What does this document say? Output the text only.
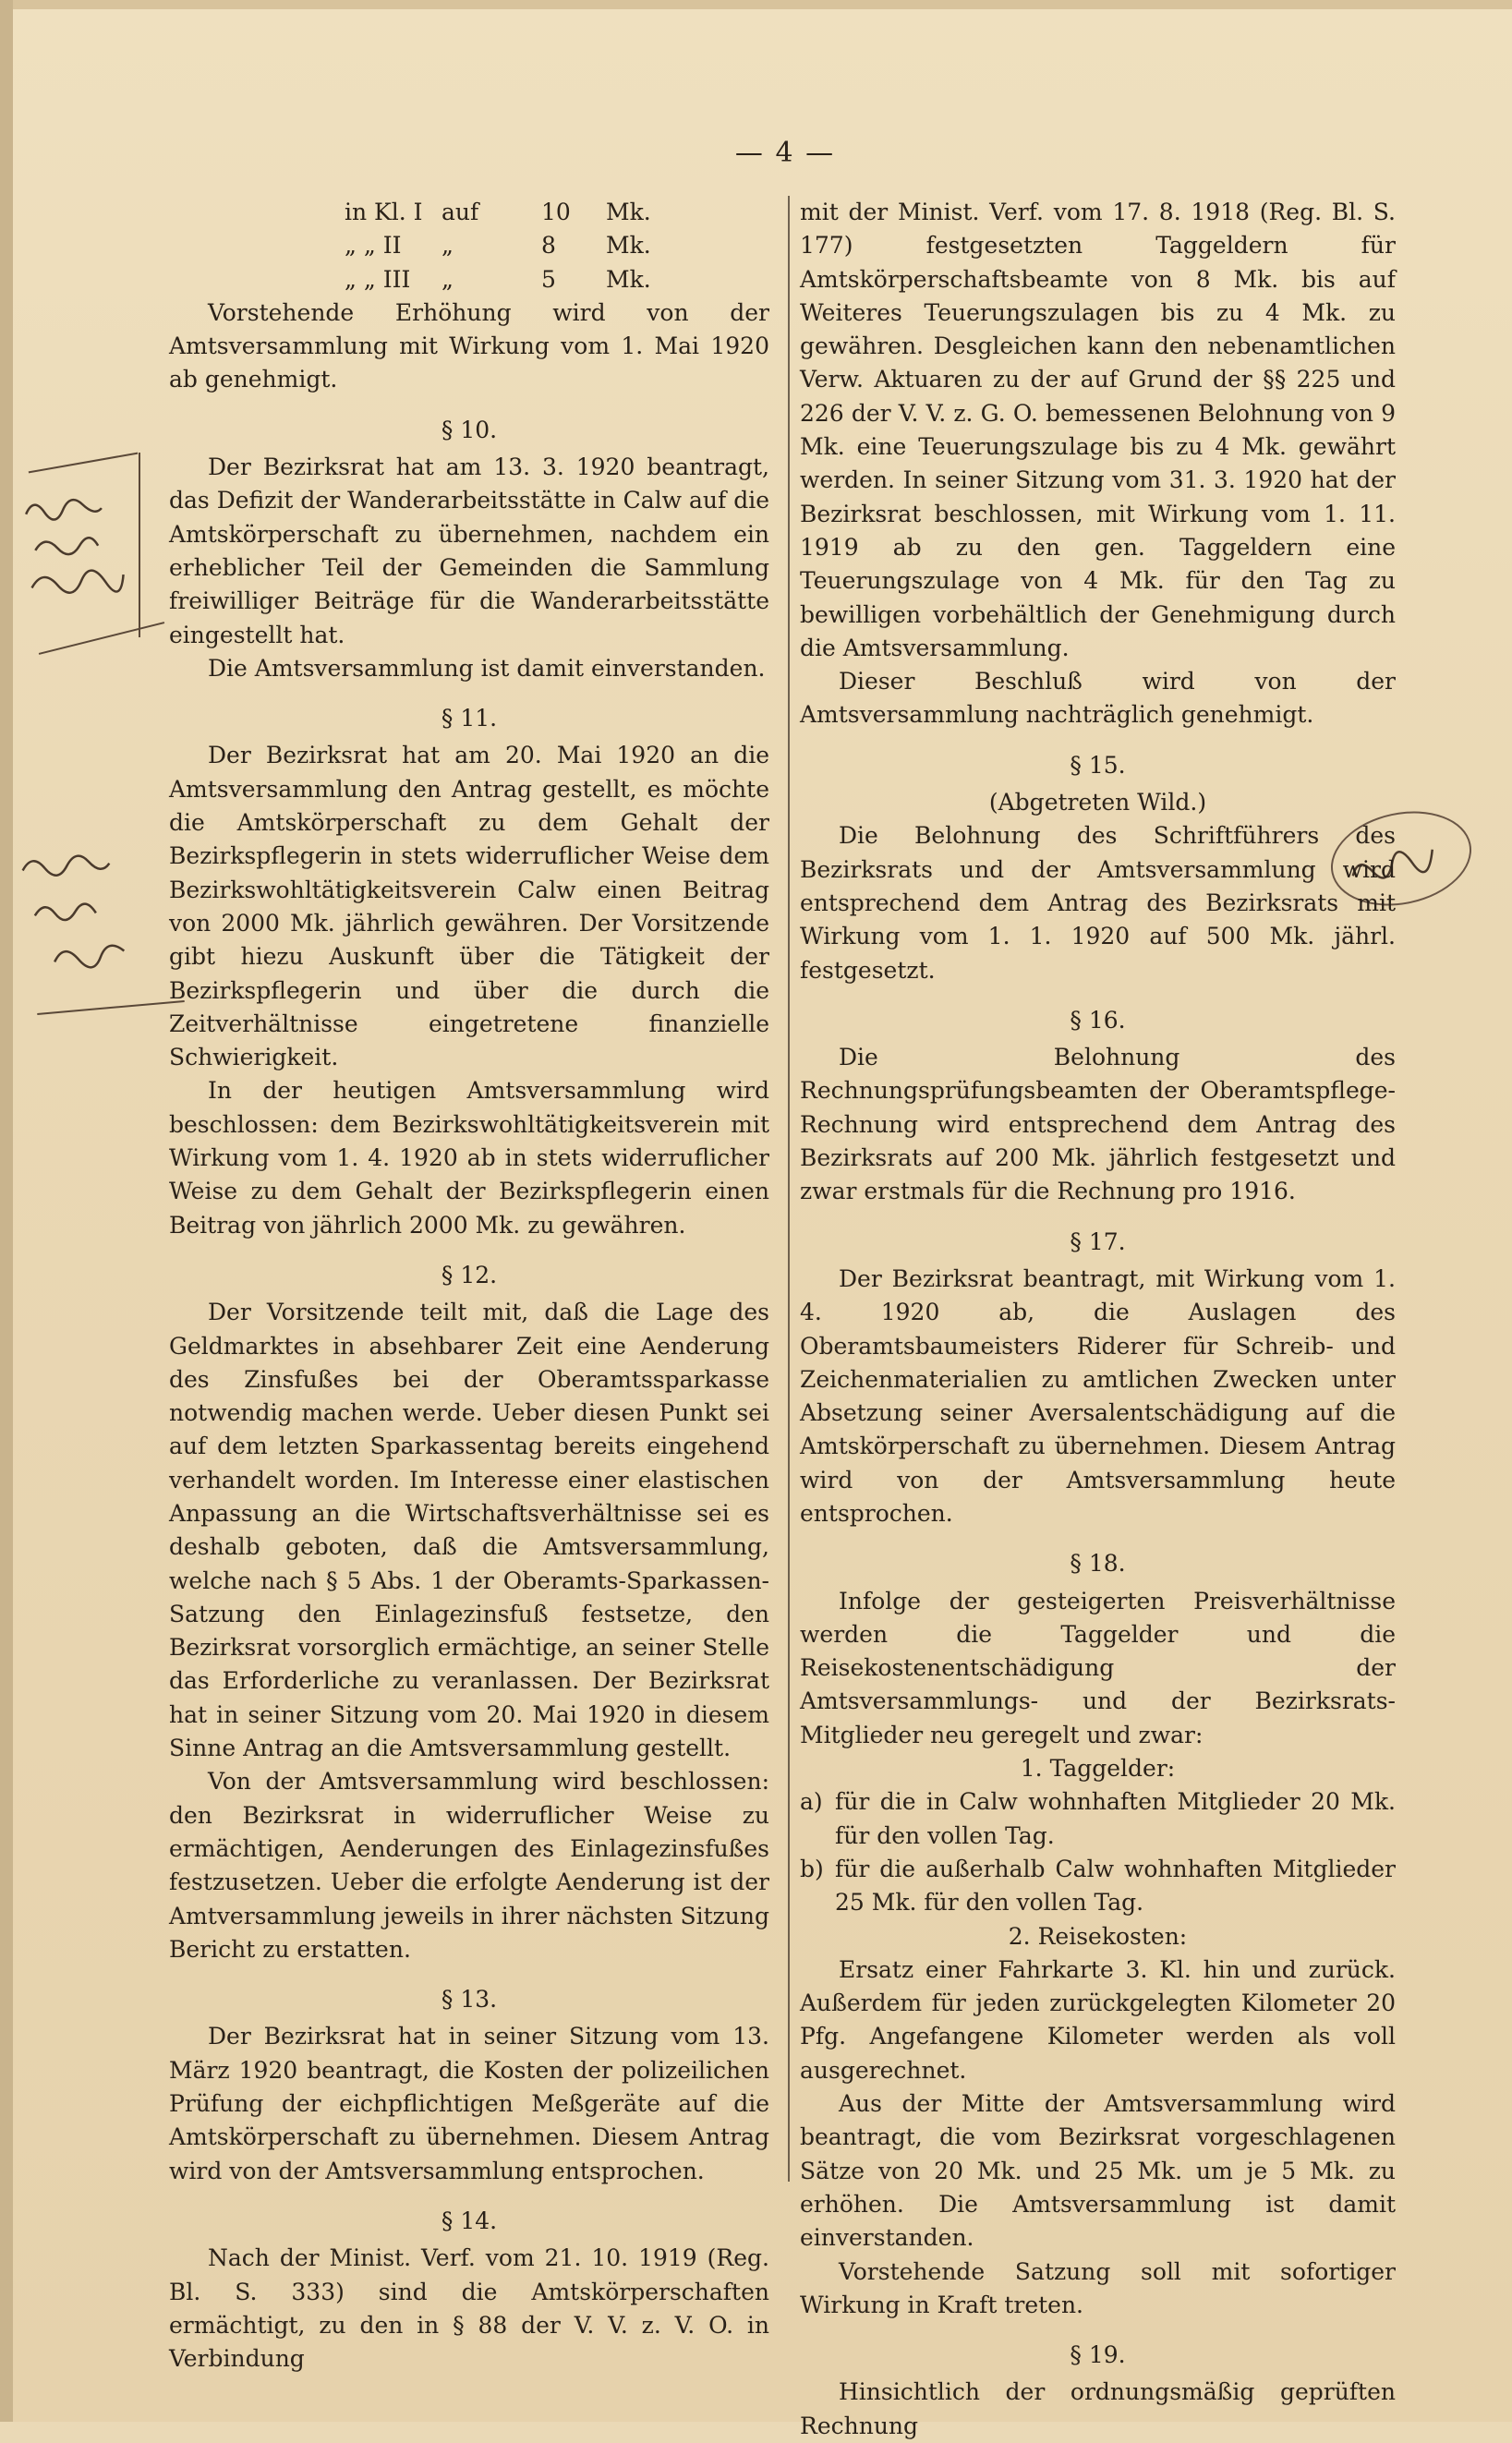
— 4 —
in Kl. I auf	10	Mk.
„ „ II	„	8	Mk.
„ „ III	„	5	Mk.

Vorstehende Erhöhung wird von der Amtsversammlung mit Wirkung vom 1. Mai 1920 ab genehmigt.

§ 10.

Der Bezirksrat hat am 13. 3. 1920 beantragt, das Defizit der Wanderarbeitsstätte in Calw auf die Amtskörperschaft zu übernehmen, nachdem ein erheblicher Teil der Gemeinden die Sammlung freiwilliger Beiträge für die Wanderarbeitsstätte eingestellt hat.

Die Amtsversammlung ist damit einverstanden.

§ 11.

Der Bezirksrat hat am 20. Mai 1920 an die Amtsversammlung den Antrag gestellt, es möchte die Amtskörperschaft zu dem Gehalt der Bezirkspflegerin in stets widerruflicher Weise dem Bezirkswohltätigkeitsverein Calw einen Beitrag von 2000 Mk. jährlich gewähren. Der Vorsitzende gibt hiezu Auskunft über die Tätigkeit der Bezirkspflegerin und über die durch die Zeitverhältnisse eingetretene finanzielle Schwierigkeit.

In der heutigen Amtsversammlung wird beschlossen: dem Bezirkswohltätigkeitsverein mit Wirkung vom 1. 4. 1920 ab in stets widerruflicher Weise zu dem Gehalt der Bezirkspflegerin einen Beitrag von jährlich 2000 Mk. zu gewähren.

§ 12.

Der Vorsitzende teilt mit, daß die Lage des Geldmarktes in absehbarer Zeit eine Aenderung des Zinsfußes bei der Oberamtssparkasse notwendig machen werde. Ueber diesen Punkt sei auf dem letzten Sparkassentag bereits eingehend verhandelt worden. Im Interesse einer elastischen Anpassung an die Wirtschaftsverhältnisse sei es deshalb geboten, daß die Amtsversammlung, welche nach § 5 Abs. 1 der Oberamts-Sparkassen-Satzung den Einlagezinsfuß festsetze, den Bezirksrat vorsorglich ermächtige, an seiner Stelle das Erforderliche zu veranlassen. Der Bezirksrat hat in seiner Sitzung vom 20. Mai 1920 in diesem Sinne Antrag an die Amtsversammlung gestellt.

Von der Amtsversammlung wird beschlossen: den Bezirksrat in widerruflicher Weise zu ermächtigen, Aenderungen des Einlagezinsfußes festzusetzen. Ueber die erfolgte Aenderung ist der Amtversammlung jeweils in ihrer nächsten Sitzung Bericht zu erstatten.

§ 13.

Der Bezirksrat hat in seiner Sitzung vom 13. März 1920 beantragt, die Kosten der polizeilichen Prüfung der eichpflichtigen Meßgeräte auf die Amtskörperschaft zu übernehmen. Diesem Antrag wird von der Amtsversammlung entsprochen.

§ 14.

Nach der Minist. Verf. vom 21. 10. 1919 (Reg. Bl. S. 333) sind die Amtskörperschaften ermächtigt, zu den in § 88 der V. V. z. V. O. in Verbindung

mit der Minist. Verf. vom 17. 8. 1918 (Reg. Bl. S. 177) festgesetzten Taggeldern für Amtskörperschaftsbeamte von 8 Mk. bis auf Weiteres Teuerungszulagen bis zu 4 Mk. zu gewähren. Desgleichen kann den nebenamtlichen Verw. Aktuaren zu der auf Grund der §§ 225 und 226 der V. V. z. G. O. bemessenen Belohnung von 9 Mk. eine Teuerungszulage bis zu 4 Mk. gewährt werden. In seiner Sitzung vom 31. 3. 1920 hat der Bezirksrat beschlossen, mit Wirkung vom 1. 11. 1919 ab zu den gen. Taggeldern eine Teuerungszulage von 4 Mk. für den Tag zu bewilligen vorbehältlich der Genehmigung durch die Amtsversammlung.

Dieser Beschluß wird von der Amtsversammlung nachträglich genehmigt.

§ 15.

(Abgetreten Wild.)

Die Belohnung des Schriftführers des Bezirksrats und der Amtsversammlung wird entsprechend dem Antrag des Bezirksrats mit Wirkung vom 1. 1. 1920 auf 500 Mk. jährl. festgesetzt.

§ 16.

Die Belohnung des Rechnungsprüfungsbeamten der Oberamtspflege-Rechnung wird entsprechend dem Antrag des Bezirksrats auf 200 Mk. jährlich festgesetzt und zwar erstmals für die Rechnung pro 1916.

§ 17.

Der Bezirksrat beantragt, mit Wirkung vom 1. 4. 1920 ab, die Auslagen des Oberamtsbaumeisters Riderer für Schreib- und Zeichenmaterialien zu amtlichen Zwecken unter Absetzung seiner Aversalentschädigung auf die Amtskörperschaft zu übernehmen. Diesem Antrag wird von der Amtsversammlung heute entsprochen.

§ 18.

Infolge der gesteigerten Preisverhältnisse werden die Taggelder und die Reisekostenentschädigung der Amtsversammlungs- und der Bezirksrats-Mitglieder neu geregelt und zwar:

1. Taggelder:

a) für die in Calw wohnhaften Mitglieder 20 Mk. für den vollen Tag.
b) für die außerhalb Calw wohnhaften Mitglieder 25 Mk. für den vollen Tag.

2. Reisekosten:

Ersatz einer Fahrkarte 3. Kl. hin und zurück. Außerdem für jeden zurückgelegten Kilometer 20 Pfg. Angefangene Kilometer werden als voll ausgerechnet.

Aus der Mitte der Amtsversammlung wird beantragt, die vom Bezirksrat vorgeschlagenen Sätze von 20 Mk. und 25 Mk. um je 5 Mk. zu erhöhen. Die Amtsversammlung ist damit einverstanden.

Vorstehende Satzung soll mit sofortiger Wirkung in Kraft treten.

§ 19.

Hinsichtlich der ordnungsmäßig geprüften Rechnung
